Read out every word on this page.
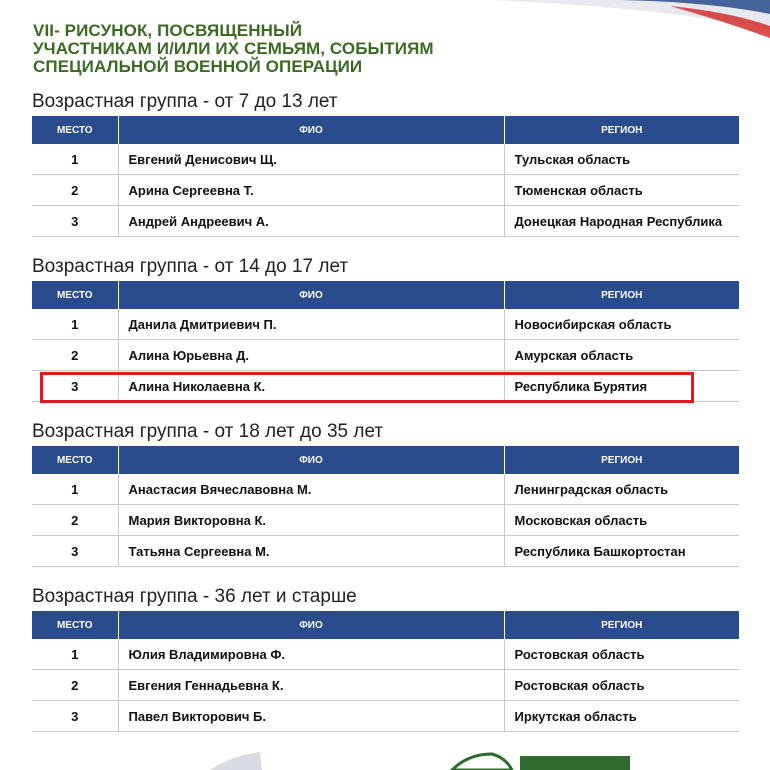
VII- РИСУНОК, ПОСВЯЩЕННЫЙ
УЧАСТНИКАМ И/ИЛИ ИХ СЕМЬЯМ, СОБЫТИЯМ
СПЕЦИАЛЬНОЙ ВОЕННОЙ ОПЕРАЦИИ
Возрастная группа - от 7 до 13 лет
МЕСТО	ФИО	РЕГИОН
1	Евгений Денисович Щ.	Тульская область
2	Арина Сергеевна Т.	Тюменская область
3	Андрей Андреевич А.	Донецкая Народная Республика
Возрастная группа - от 14 до 17 лет
МЕСТО	ФИО	РЕГИОН
1	Данила Дмитриевич П.	Новосибирская область
2	Алина Юрьевна Д.	Амурская область
3	Алина Николаевна К.	Республика Бурятия
Возрастная группа - от 18 лет до 35 лет
МЕСТО	ФИО	РЕГИОН
1	Анастасия Вячеславовна М.	Ленинградская область
2	Мария Викторовна К.	Московская область
3	Татьяна Сергеевна М.	Республика Башкортостан
Возрастная группа - 36 лет и старше
МЕСТО	ФИО	РЕГИОН
1	Юлия Владимировна Ф.	Ростовская область
2	Евгения Геннадьевна К.	Ростовская область
3	Павел Викторович Б.	Иркутская область
